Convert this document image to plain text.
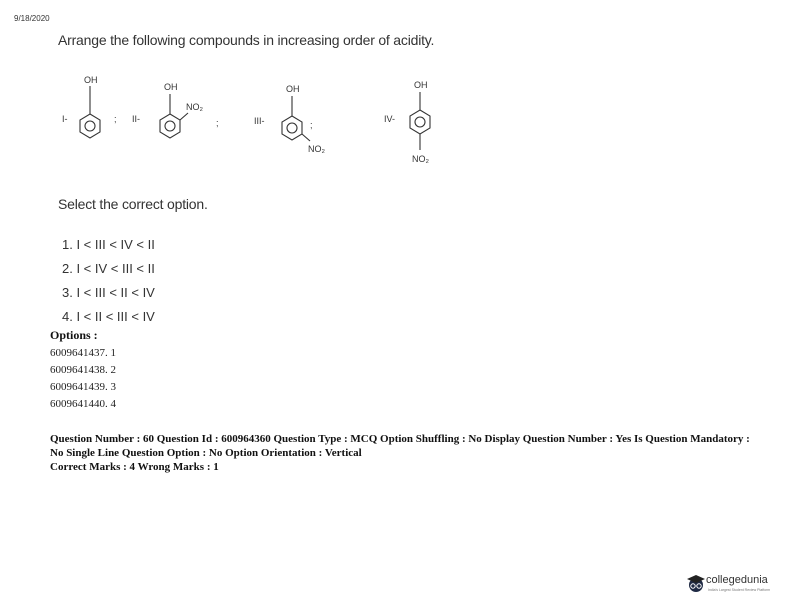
9/18/2020
Arrange the following compounds in increasing order of acidity.
OH
OH	OH	OH
NO₂
NO₂
NO₂
I-	II-	III-	IV-
;	;	;
Select the correct option.
1. I < III < IV < II
2. I < IV < III < II
3. I < III < II < IV
4. I < II < III < IV
Options :
6009641437. 1
6009641438. 2
6009641439. 3
6009641440. 4
Question Number : 60 Question Id : 600964360 Question Type : MCQ Option Shuffling : No Display Question Number : Yes Is Question Mandatory : No Single Line Question Option : No Option Orientation : Vertical
Correct Marks : 4 Wrong Marks : 1
collegedunia
India's Largest Student Review Platform
